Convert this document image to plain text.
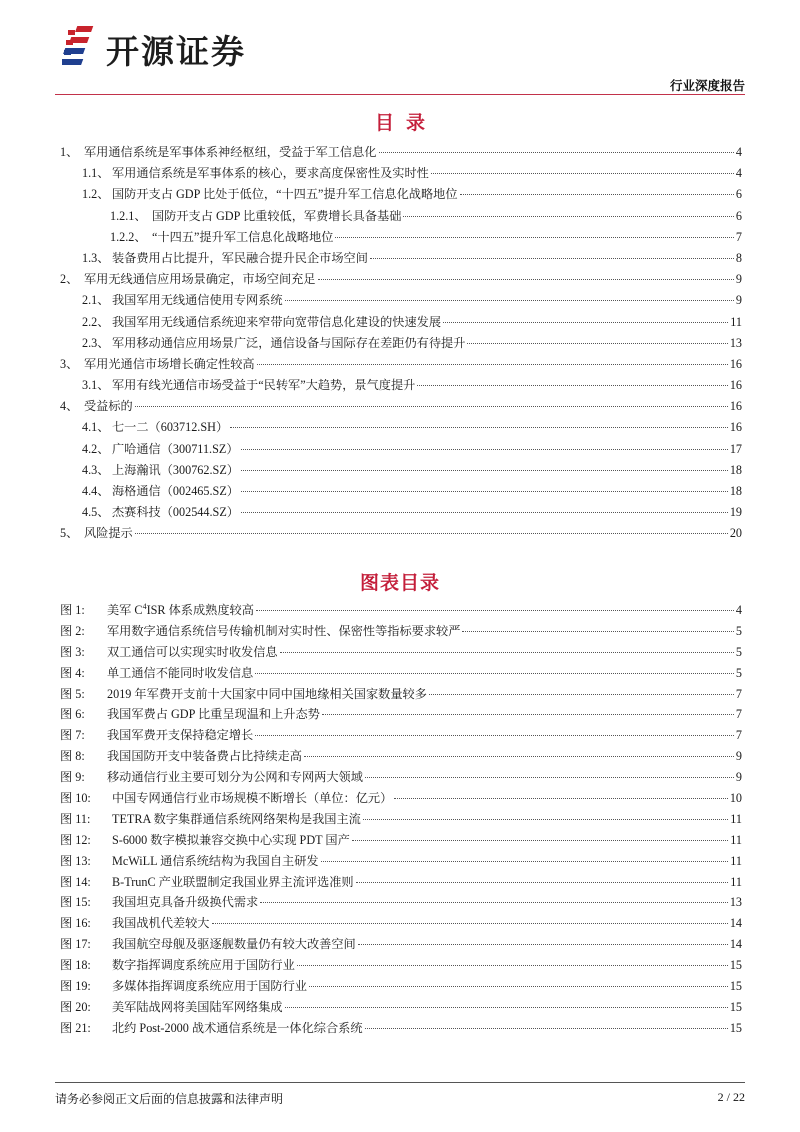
开源证券
行业深度报告
目录
1、 军用通信系统是军事体系神经枢纽，受益于军工信息化	4
1.1、 军用通信系统是军事体系的核心，要求高度保密性及实时性	4
1.2、 国防开支占 GDP 比处于低位，“十四五”提升军工信息化战略地位	6
1.2.1、 国防开支占 GDP 比重较低，军费增长具备基础	6
1.2.2、 “十四五”提升军工信息化战略地位	7
1.3、 装备费用占比提升，军民融合提升民企市场空间	8
2、 军用无线通信应用场景确定，市场空间充足	9
2.1、 我国军用无线通信使用专网系统	9
2.2、 我国军用无线通信系统迎来窄带向宽带信息化建设的快速发展	11
2.3、 军用移动通信应用场景广泛，通信设备与国际存在差距仍有待提升	13
3、 军用光通信市场增长确定性较高	16
3.1、 军用有线光通信市场受益于“民转军”大趋势，景气度提升	16
4、 受益标的	16
4.1、 七一二（603712.SH）	16
4.2、 广哈通信（300711.SZ）	17
4.3、 上海瀚讯（300762.SZ）	18
4.4、 海格通信（002465.SZ）	18
4.5、 杰赛科技（002544.SZ）	19
5、 风险提示	20
图表目录
图 1:	美军 $C^4ISR$ 体系成熟度较高	4
图 2:	军用数字通信系统信号传输机制对实时性、保密性等指标要求较严	5
图 3:	双工通信可以实现实时收发信息	5
图 4:	单工通信不能同时收发信息	5
图 5:	2019 年军费开支前十大国家中同中国地缘相关国家数量较多	7
图 6:	我国军费占 GDP 比重呈现温和上升态势	7
图 7:	我国军费开支保持稳定增长	7
图 8:	我国国防开支中装备费占比持续走高	9
图 9:	移动通信行业主要可划分为公网和专网两大领域	9
图 10:	中国专网通信行业市场规模不断增长（单位：亿元）	10
图 11:	TETRA 数字集群通信系统网络架构是我国主流	11
图 12:	S-6000 数字模拟兼容交换中心实现 PDT 国产	11
图 13:	McWiLL 通信系统结构为我国自主研发	11
图 14:	B-TrunC 产业联盟制定我国业界主流评选准则	11
图 15:	我国坦克具备升级换代需求	13
图 16:	我国战机代差较大	14
图 17:	我国航空母舰及驱逐舰数量仍有较大改善空间	14
图 18:	数字指挥调度系统应用于国防行业	15
图 19:	多媒体指挥调度系统应用于国防行业	15
图 20:	美军陆战网将美国陆军网络集成	15
图 21:	北约 Post-2000 战术通信系统是一体化综合系统	15
请务必参阅正文后面的信息披露和法律声明	2 / 22
